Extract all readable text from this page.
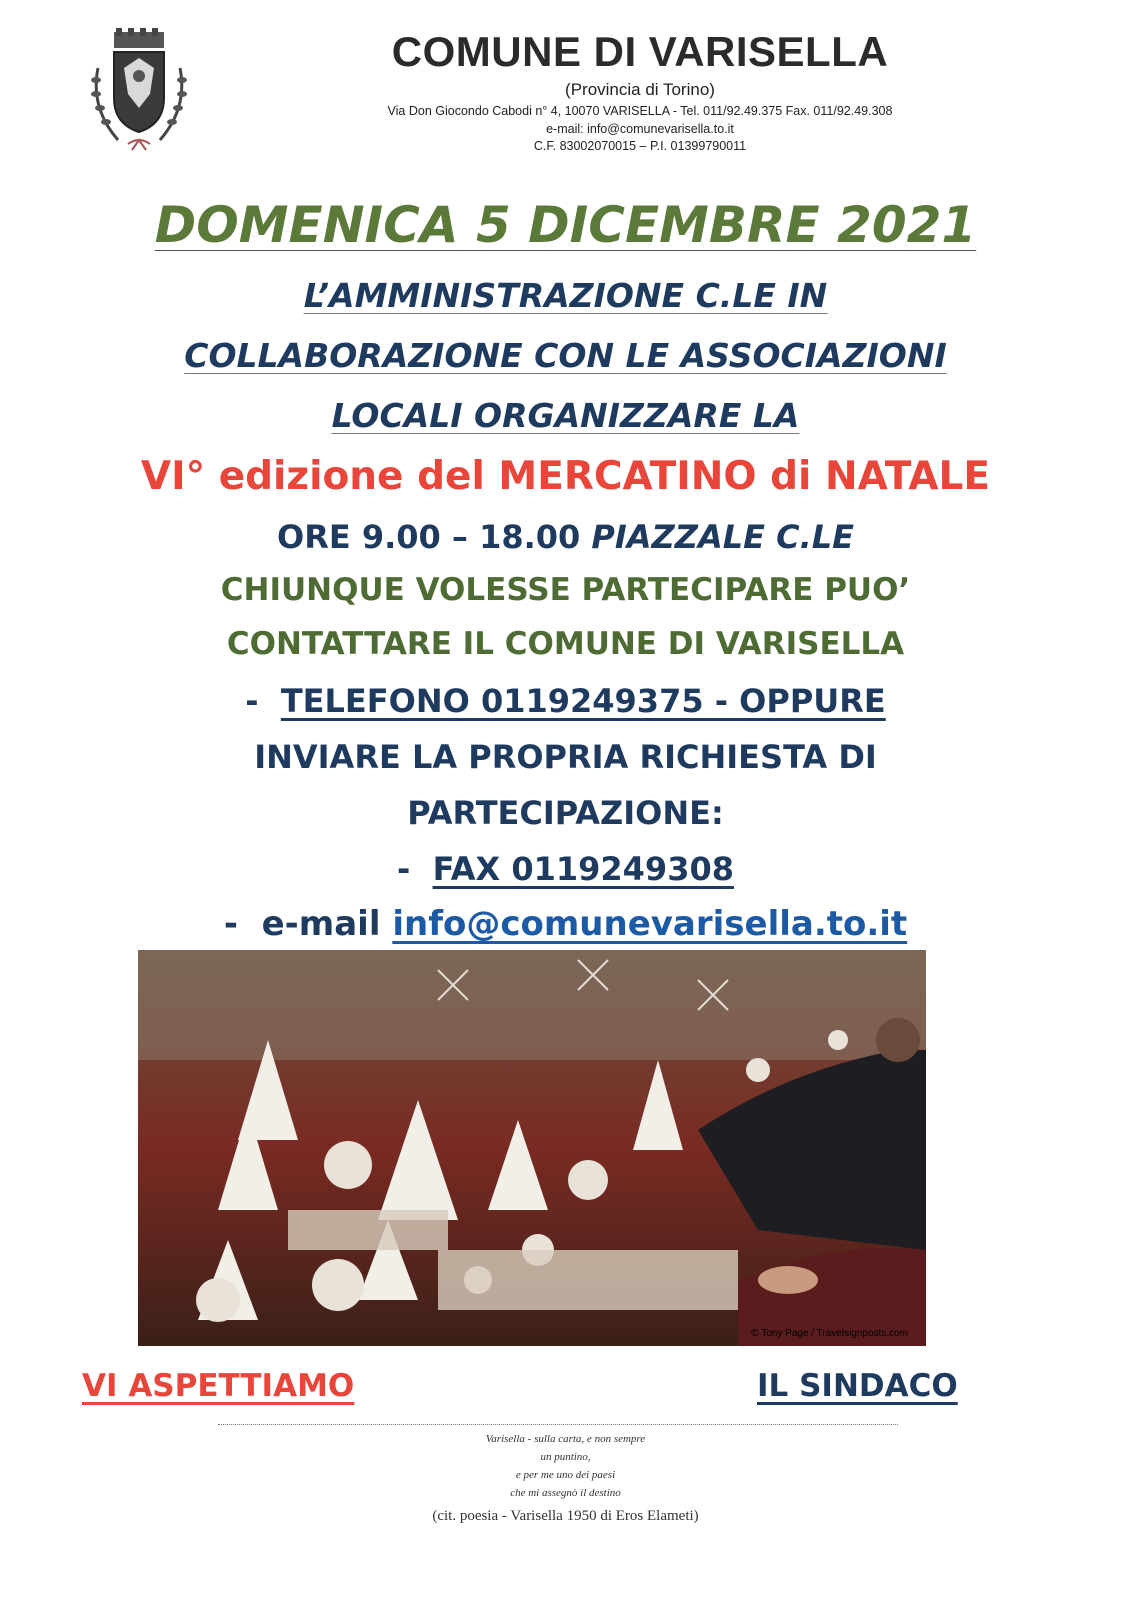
COMUNE DI VARISELLA
(Provincia di Torino)
Via Don Giocondo Cabodi n° 4, 10070 VARISELLA - Tel. 011/92.49.375 Fax. 011/92.49.308
e-mail: info@comunevarisella.to.it
C.F. 83002070015 – P.I. 01399790011
DOMENICA 5 DICEMBRE 2021
L’AMMINISTRAZIONE C.LE IN
COLLABORAZIONE CON LE ASSOCIAZIONI
LOCALI ORGANIZZARE LA
VI° edizione del MERCATINO di NATALE
ORE 9.00 – 18.00 PIAZZALE C.LE
CHIUNQUE VOLESSE PARTECIPARE PUO’
CONTATTARE IL COMUNE DI VARISELLA
- TELEFONO 0119249375 - OPPURE
INVIARE LA PROPRIA RICHIESTA DI
PARTECIPAZIONE:
- FAX 0119249308
- e-mail info@comunevarisella.to.it
© Tony Page / Travelsignposts.com
VI ASPETTIAMO	IL SINDACO
Varisella - sulla carta, e non sempre
un puntino,
e per me uno dei paesi
che mi assegnò il destino
(cit. poesia - Varisella 1950 di Eros Elameti)
